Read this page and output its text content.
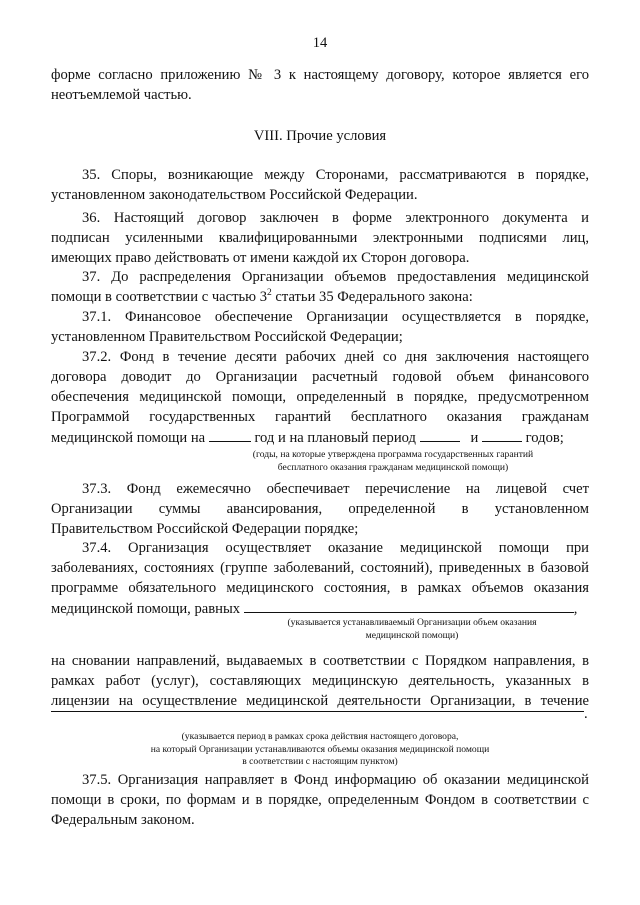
14
форме согласно приложению № 3 к настоящему договору, которое является его
неотъемлемой частью.
VIII. Прочие условия
35. Споры, возникающие между Сторонами, рассматриваются в порядке,
установленном законодательством Российской Федерации.
36. Настоящий договор заключен в форме электронного документа и
подписан усиленными квалифицированными электронными подписями лиц,
имеющих право действовать от имени каждой их Сторон договора.
37. До распределения Организации объемов предоставления медицинской
помощи в соответствии с частью $3^2$ статьи 35 Федерального закона:
37.1. Финансовое обеспечение Организации осуществляется в порядке,
установленном Правительством Российской Федерации;
37.2. Фонд в течение десяти рабочих дней со дня заключения настоящего
договора доводит до Организации расчетный годовой объем финансового
обеспечения медицинской помощи, определенный в порядке, предусмотренном
Программой государственных гарантий бесплатного оказания гражданам
медицинской помощи на	год и на плановый период	и	годов;
(годы, на которые утверждена программа государственных гарантий
бесплатного оказания гражданам медицинской помощи)
37.3. Фонд ежемесячно обеспечивает перечисление на лицевой счет
Организации суммы авансирования, определенной в установленном
Правительством Российской Федерации порядке;
37.4. Организация осуществляет оказание медицинской помощи при
заболеваниях, состояниях (группе заболеваний, состояний), приведенных в базовой
программе обязательного медицинского состояния, в рамках объемов оказания
медицинской помощи, равных	,
(указывается устанавливаемый Организации объем оказания
медицинской помощи)
на сновании направлений, выдаваемых в соответствии с Порядком направления, в
рамках работ (услуг), составляющих медицинскую деятельность, указанных в
лицензии на осуществление медицинской деятельности Организации, в течение
.
(указывается период в рамках срока действия настоящего договора,
на который Организации устанавливаются объемы оказания медицинской помощи
в соответствии с настоящим пунктом)
37.5. Организация направляет в Фонд информацию об оказании медицинской
помощи в сроки, по формам и в порядке, определенным Фондом в соответствии с
Федеральным законом.
